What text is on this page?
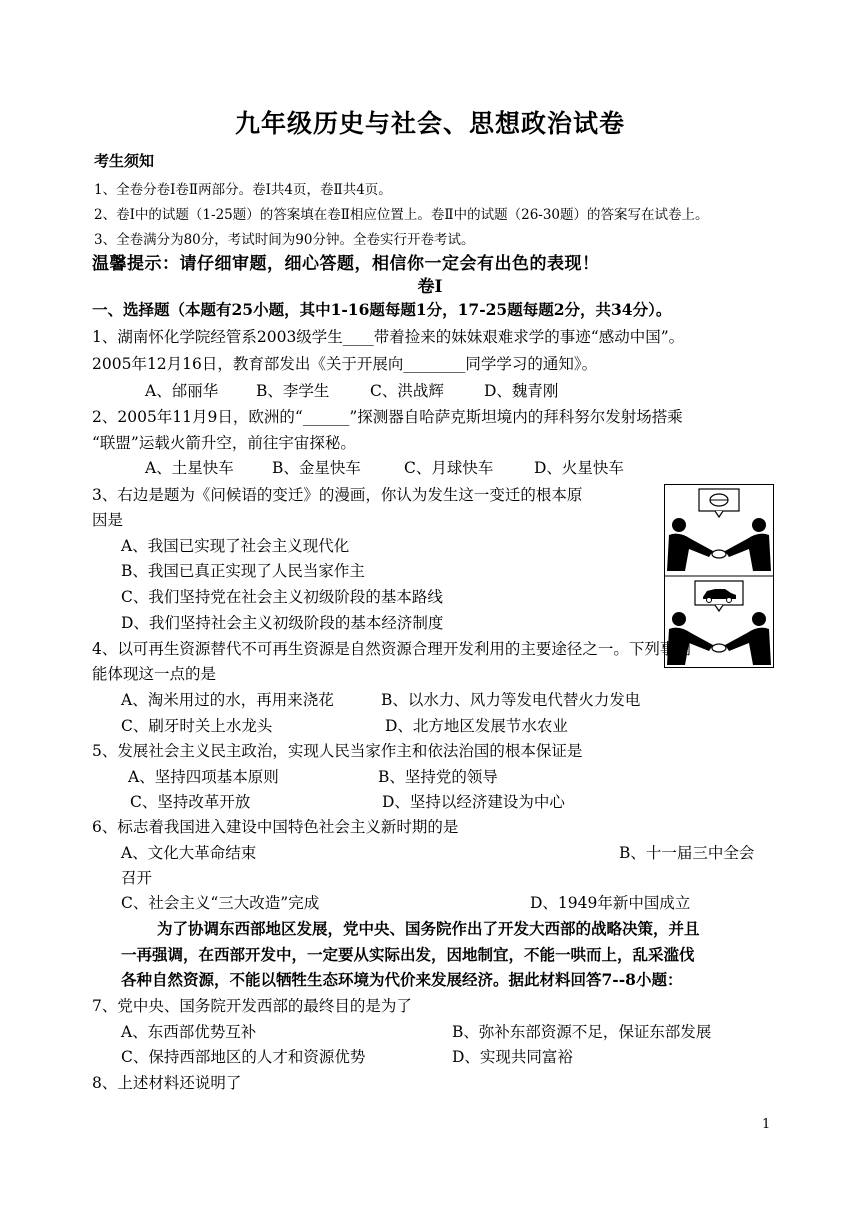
九年级历史与社会、思想政治试卷
考生须知
1、全卷分卷Ⅰ卷Ⅱ两部分。卷Ⅰ共4页，卷Ⅱ共4页。
2、卷Ⅰ中的试题（1-25题）的答案填在卷Ⅱ相应位置上。卷Ⅱ中的试题（26-30题）的答案写在试卷上。
3、全卷满分为80分，考试时间为90分钟。全卷实行开卷考试。
温馨提示：请仔细审题，细心答题，相信你一定会有出色的表现！
卷Ⅰ
一、选择题（本题有25小题，其中1-16题每题1分，17-25题每题2分，共34分）。
1、湖南怀化学院经管系2003级学生____带着捡来的妹妹艰难求学的事迹“感动中国”。
2005年12月16日，教育部发出《关于开展向________同学学习的通知》。
A、邰丽华 B、李学生	C、洪战辉	D、魏青刚
2、2005年11月9日，欧洲的“______”探测器自哈萨克斯坦境内的拜科努尔发射场搭乘
“联盟”运载火箭升空，前往宇宙探秘。
A、土星快车 B、金星快车	C、月球快车	D、火星快车
3、右边是题为《问候语的变迁》的漫画，你认为发生这一变迁的根本原
因是
A、我国已实现了社会主义现代化
B、我国已真正实现了人民当家作主
C、我们坚持党在社会主义初级阶段的基本路线
D、我们坚持社会主义初级阶段的基本经济制度
4、以可再生资源替代不可再生资源是自然资源合理开发利用的主要途径之一。下列事例
能体现这一点的是
A、淘米用过的水，再用来浇花	B、以水力、风力等发电代替火力发电
C、刷牙时关上水龙头	D、北方地区发展节水农业
5、发展社会主义民主政治，实现人民当家作主和依法治国的根本保证是
A、坚持四项基本原则	B、坚持党的领导
C、坚持改革开放	D、坚持以经济建设为中心
6、标志着我国进入建设中国特色社会主义新时期的是
A、文化大革命结束	B、十一届三中全会
召开
C、社会主义“三大改造”完成	D、1949年新中国成立
为了协调东西部地区发展，党中央、国务院作出了开发大西部的战略决策，并且
一再强调，在西部开发中，一定要从实际出发，因地制宜，不能一哄而上，乱采滥伐
各种自然资源，不能以牺牲生态环境为代价来发展经济。据此材料回答7--8小题：
7、党中央、国务院开发西部的最终目的是为了
A、东西部优势互补	B、弥补东部资源不足，保证东部发展
C、保持西部地区的人才和资源优势	D、实现共同富裕
8、上述材料还说明了
1
